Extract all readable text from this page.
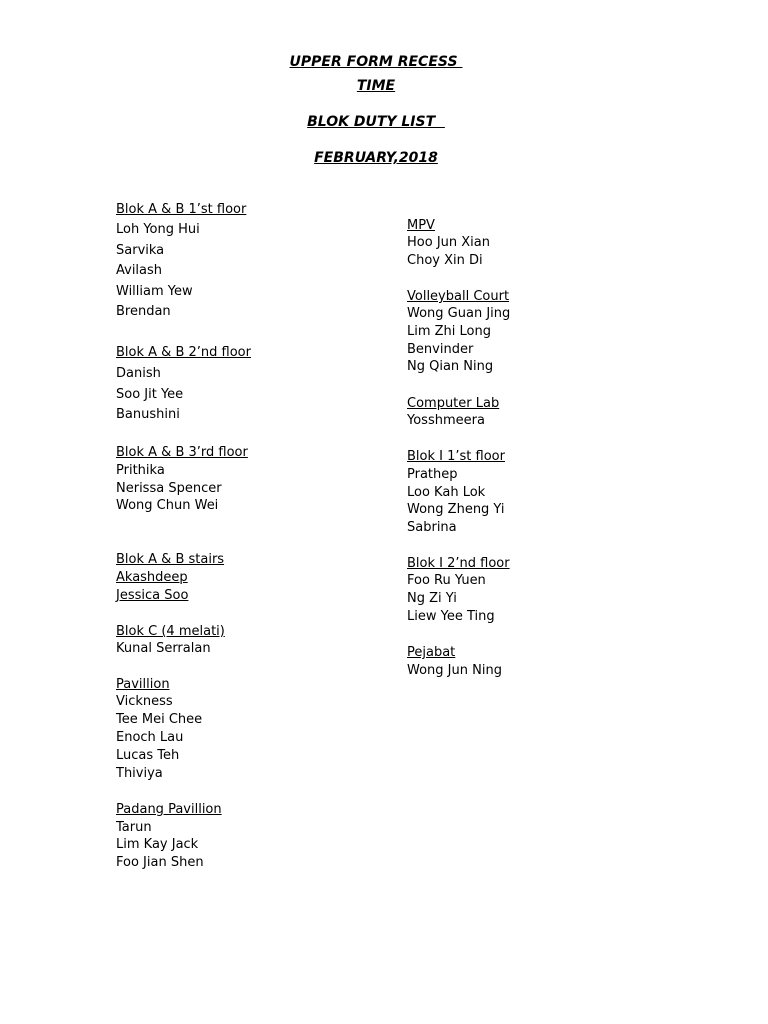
UPPER FORM RECESS

TIME

BLOK DUTY LIST

FEBRUARY,2018

Blok A & B 1’st floor
Loh Yong Hui
Sarvika
Avilash
William Yew
Brendan
Blok A & B 2’nd floor
Danish
Soo Jit Yee
Banushini
Blok A & B 3’rd floor
Prithika
Nerissa Spencer
Wong Chun Wei
Blok A & B stairs
Akashdeep
Jessica Soo
Blok C (4 melati)
Kunal Serralan
Pavillion
Vickness
Tee Mei Chee
Enoch Lau
Lucas Teh
Thiviya
Padang Pavillion
Tarun
Lim Kay Jack
Foo Jian Shen
MPV
Hoo Jun Xian
Choy Xin Di
Volleyball Court
Wong Guan Jing
Lim Zhi Long
Benvinder
Ng Qian Ning
Computer Lab
Yosshmeera
Blok I 1’st floor
Prathep
Loo Kah Lok
Wong Zheng Yi
Sabrina
Blok I 2’nd floor
Foo Ru Yuen
Ng Zi Yi
Liew Yee Ting
Pejabat
Wong Jun Ning
